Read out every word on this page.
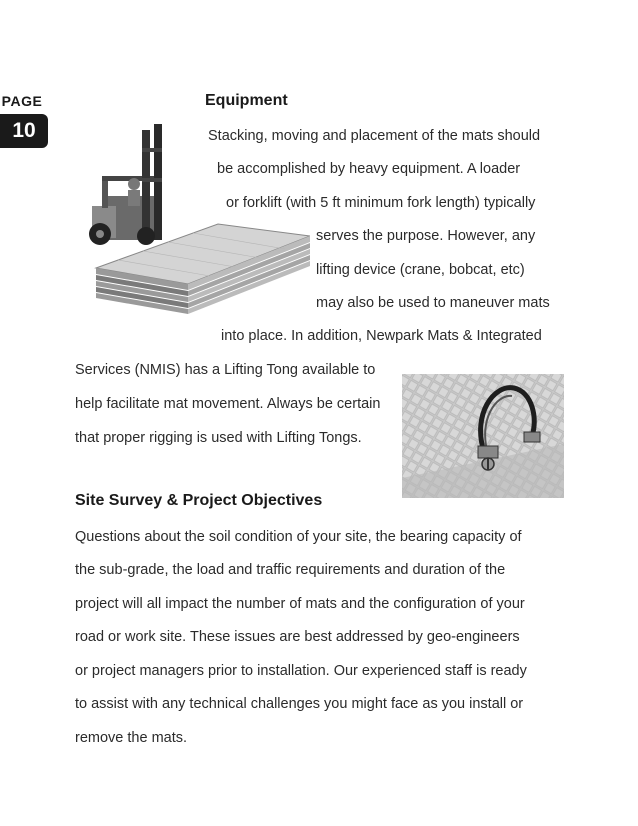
PAGE
10
Equipment
Stacking, moving and placement of the mats should
be accomplished by heavy equipment. A loader
or forklift (with 5 ft minimum fork length) typically
serves the purpose. However, any
lifting device (crane, bobcat, etc)
may also be used to maneuver mats
into place. In addition, Newpark Mats & Integrated
Services (NMIS) has a Lifting Tong available to
help facilitate mat movement. Always be certain
that proper rigging is used with Lifting Tongs.
Site Survey & Project Objectives
Questions about the soil condition of your site, the bearing capacity of
the sub-grade, the load and traffic requirements and duration of the
project will all impact the number of mats and the configuration of your
road or work site. These issues are best addressed by geo-engineers
or project managers prior to installation. Our experienced staff is ready
to assist with any technical challenges you might face as you install or
remove the mats.
